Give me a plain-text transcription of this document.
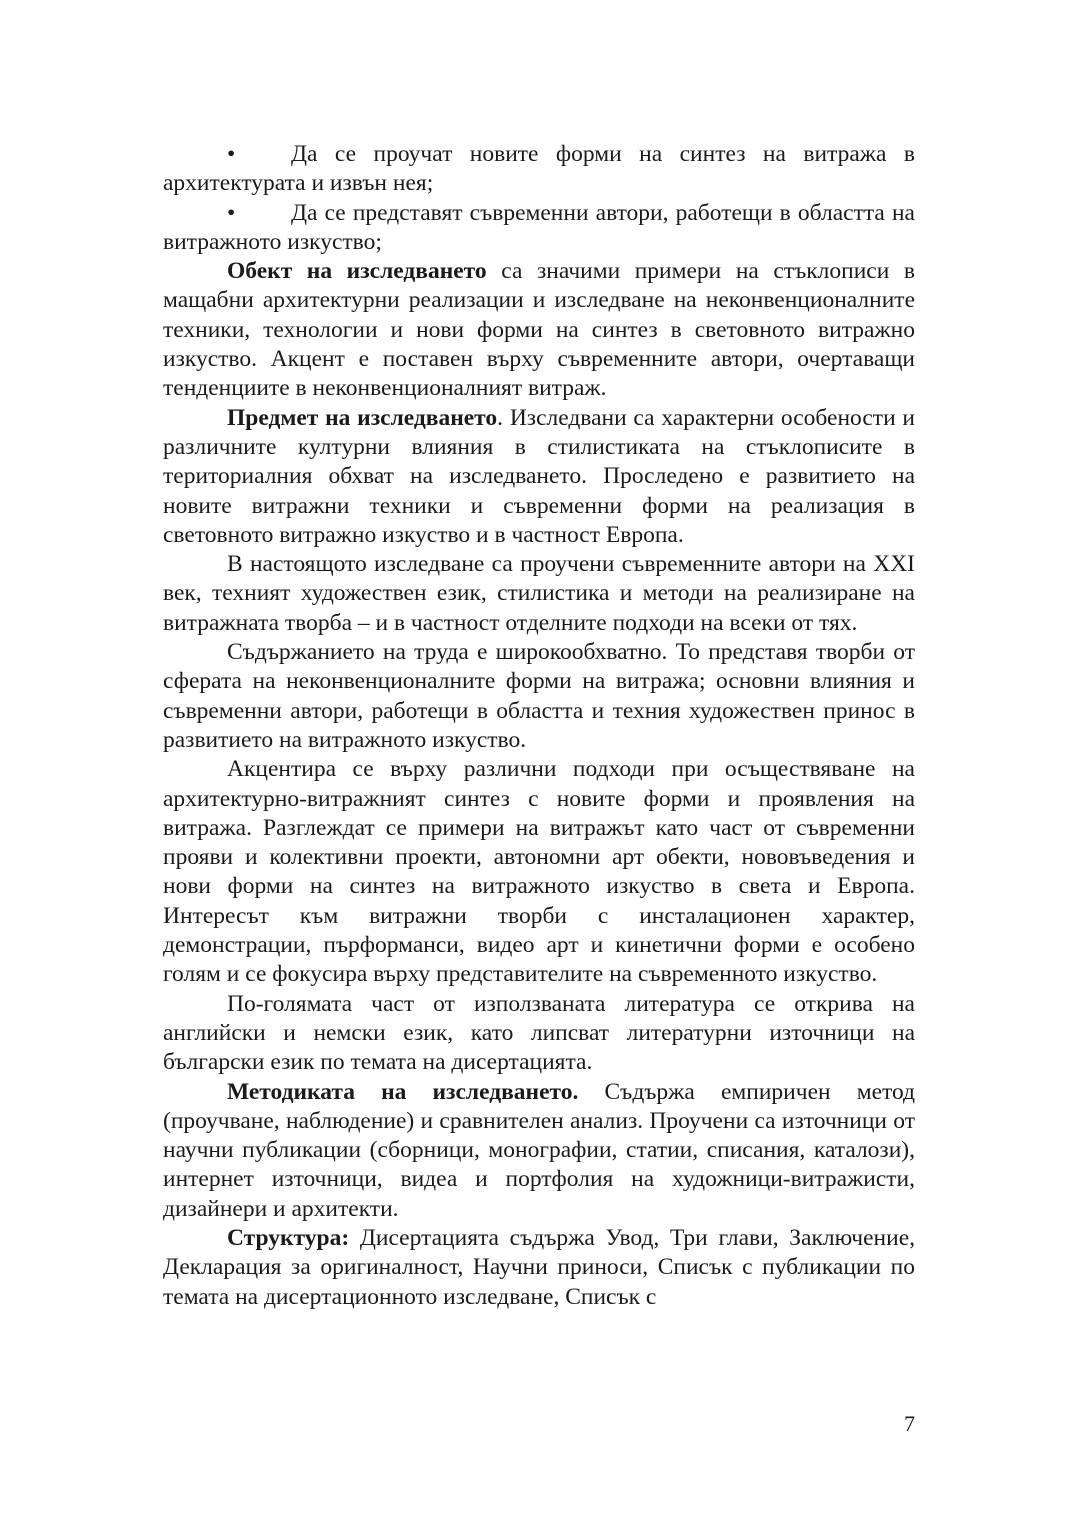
• Да се проучат новите форми на синтез на витража в архитектурата и извън нея;

• Да се представят съвременни автори, работещи в областта на витражното изкуство;

Обект на изследването са значими примери на стъклописи в мащабни архитектурни реализации и изследване на неконвенционалните техники, технологии и нови форми на синтез в световното витражно изкуство. Акцент е поставен върху съвременните автори, очертаващи тенденциите в неконвенционалният витраж.

Предмет на изследването. Изследвани са характерни особености и различните културни влияния в стилистиката на стъклописите в териториалния обхват на изследването. Проследено е развитието на новите витражни техники и съвременни форми на реализация в световното витражно изкуство и в частност Европа.

В настоящото изследване са проучени съвременните автори на XXI век, техният художествен език, стилистика и методи на реализиране на витражната творба – и в частност отделните подходи на всеки от тях.

Съдържанието на труда е широкообхватно. То представя творби от сферата на неконвенционалните форми на витража; основни влияния и съвременни автори, работещи в областта и техния художествен принос в развитието на витражното изкуство.

Акцентира се върху различни подходи при осъществяване на архитектурно-витражният синтез с новите форми и проявления на витража. Разглеждат се примери на витражът като част от съвременни прояви и колективни проекти, автономни арт обекти, нововъведения и нови форми на синтез на витражното изкуство в света и Европа. Интересът към витражни творби с инсталационен характер, демонстрации, пърформанси, видео арт и кинетични форми е особено голям и се фокусира върху представителите на съвременното изкуство.

По-голямата част от използваната литература се открива на английски и немски език, като липсват литературни източници на български език по темата на дисертацията.

Методиката на изследването. Съдържа емпиричен метод (проучване, наблюдение) и сравнителен анализ. Проучени са източници от научни публикации (сборници, монографии, статии, списания, каталози), интернет източници, видеа и портфолия на художници-витражисти, дизайнери и архитекти.

Структура: Дисертацията съдържа Увод, Три глави, Заключение, Декларация за оригиналност, Научни приноси, Списък с публикации по темата на дисертационното изследване, Списък с

7
